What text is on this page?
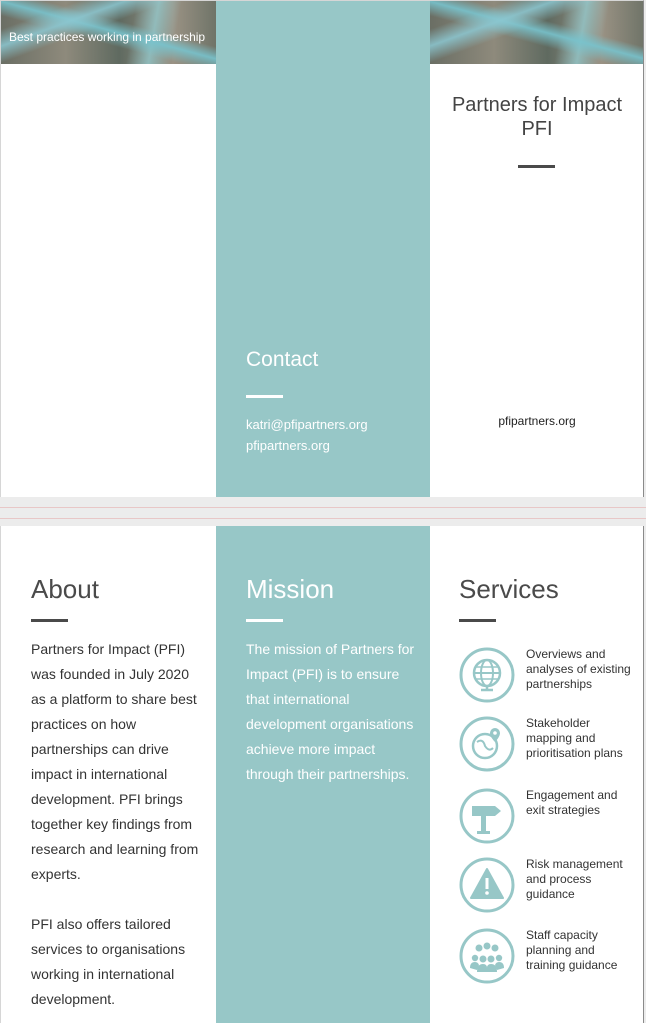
Best practices working in partnership
Contact
katri@pfipartners.org
pfipartners.org
Partners for Impact
PFI
pfipartners.org
About

Partners for Impact (PFI) was founded in July 2020 as a platform to share best practices on how partnerships can drive impact in international development. PFI brings together key findings from research and learning from experts.

PFI also offers tailored services to organisations working in international development.

Mission
The mission of Partners for Impact (PFI) is to ensure that international development organisations achieve more impact through their partnerships.
Services
Overviews and analyses of existing partnerships
Stakeholder mapping and prioritisation plans
Engagement and exit strategies
Risk management and process guidance
Staff capacity planning and training guidance
